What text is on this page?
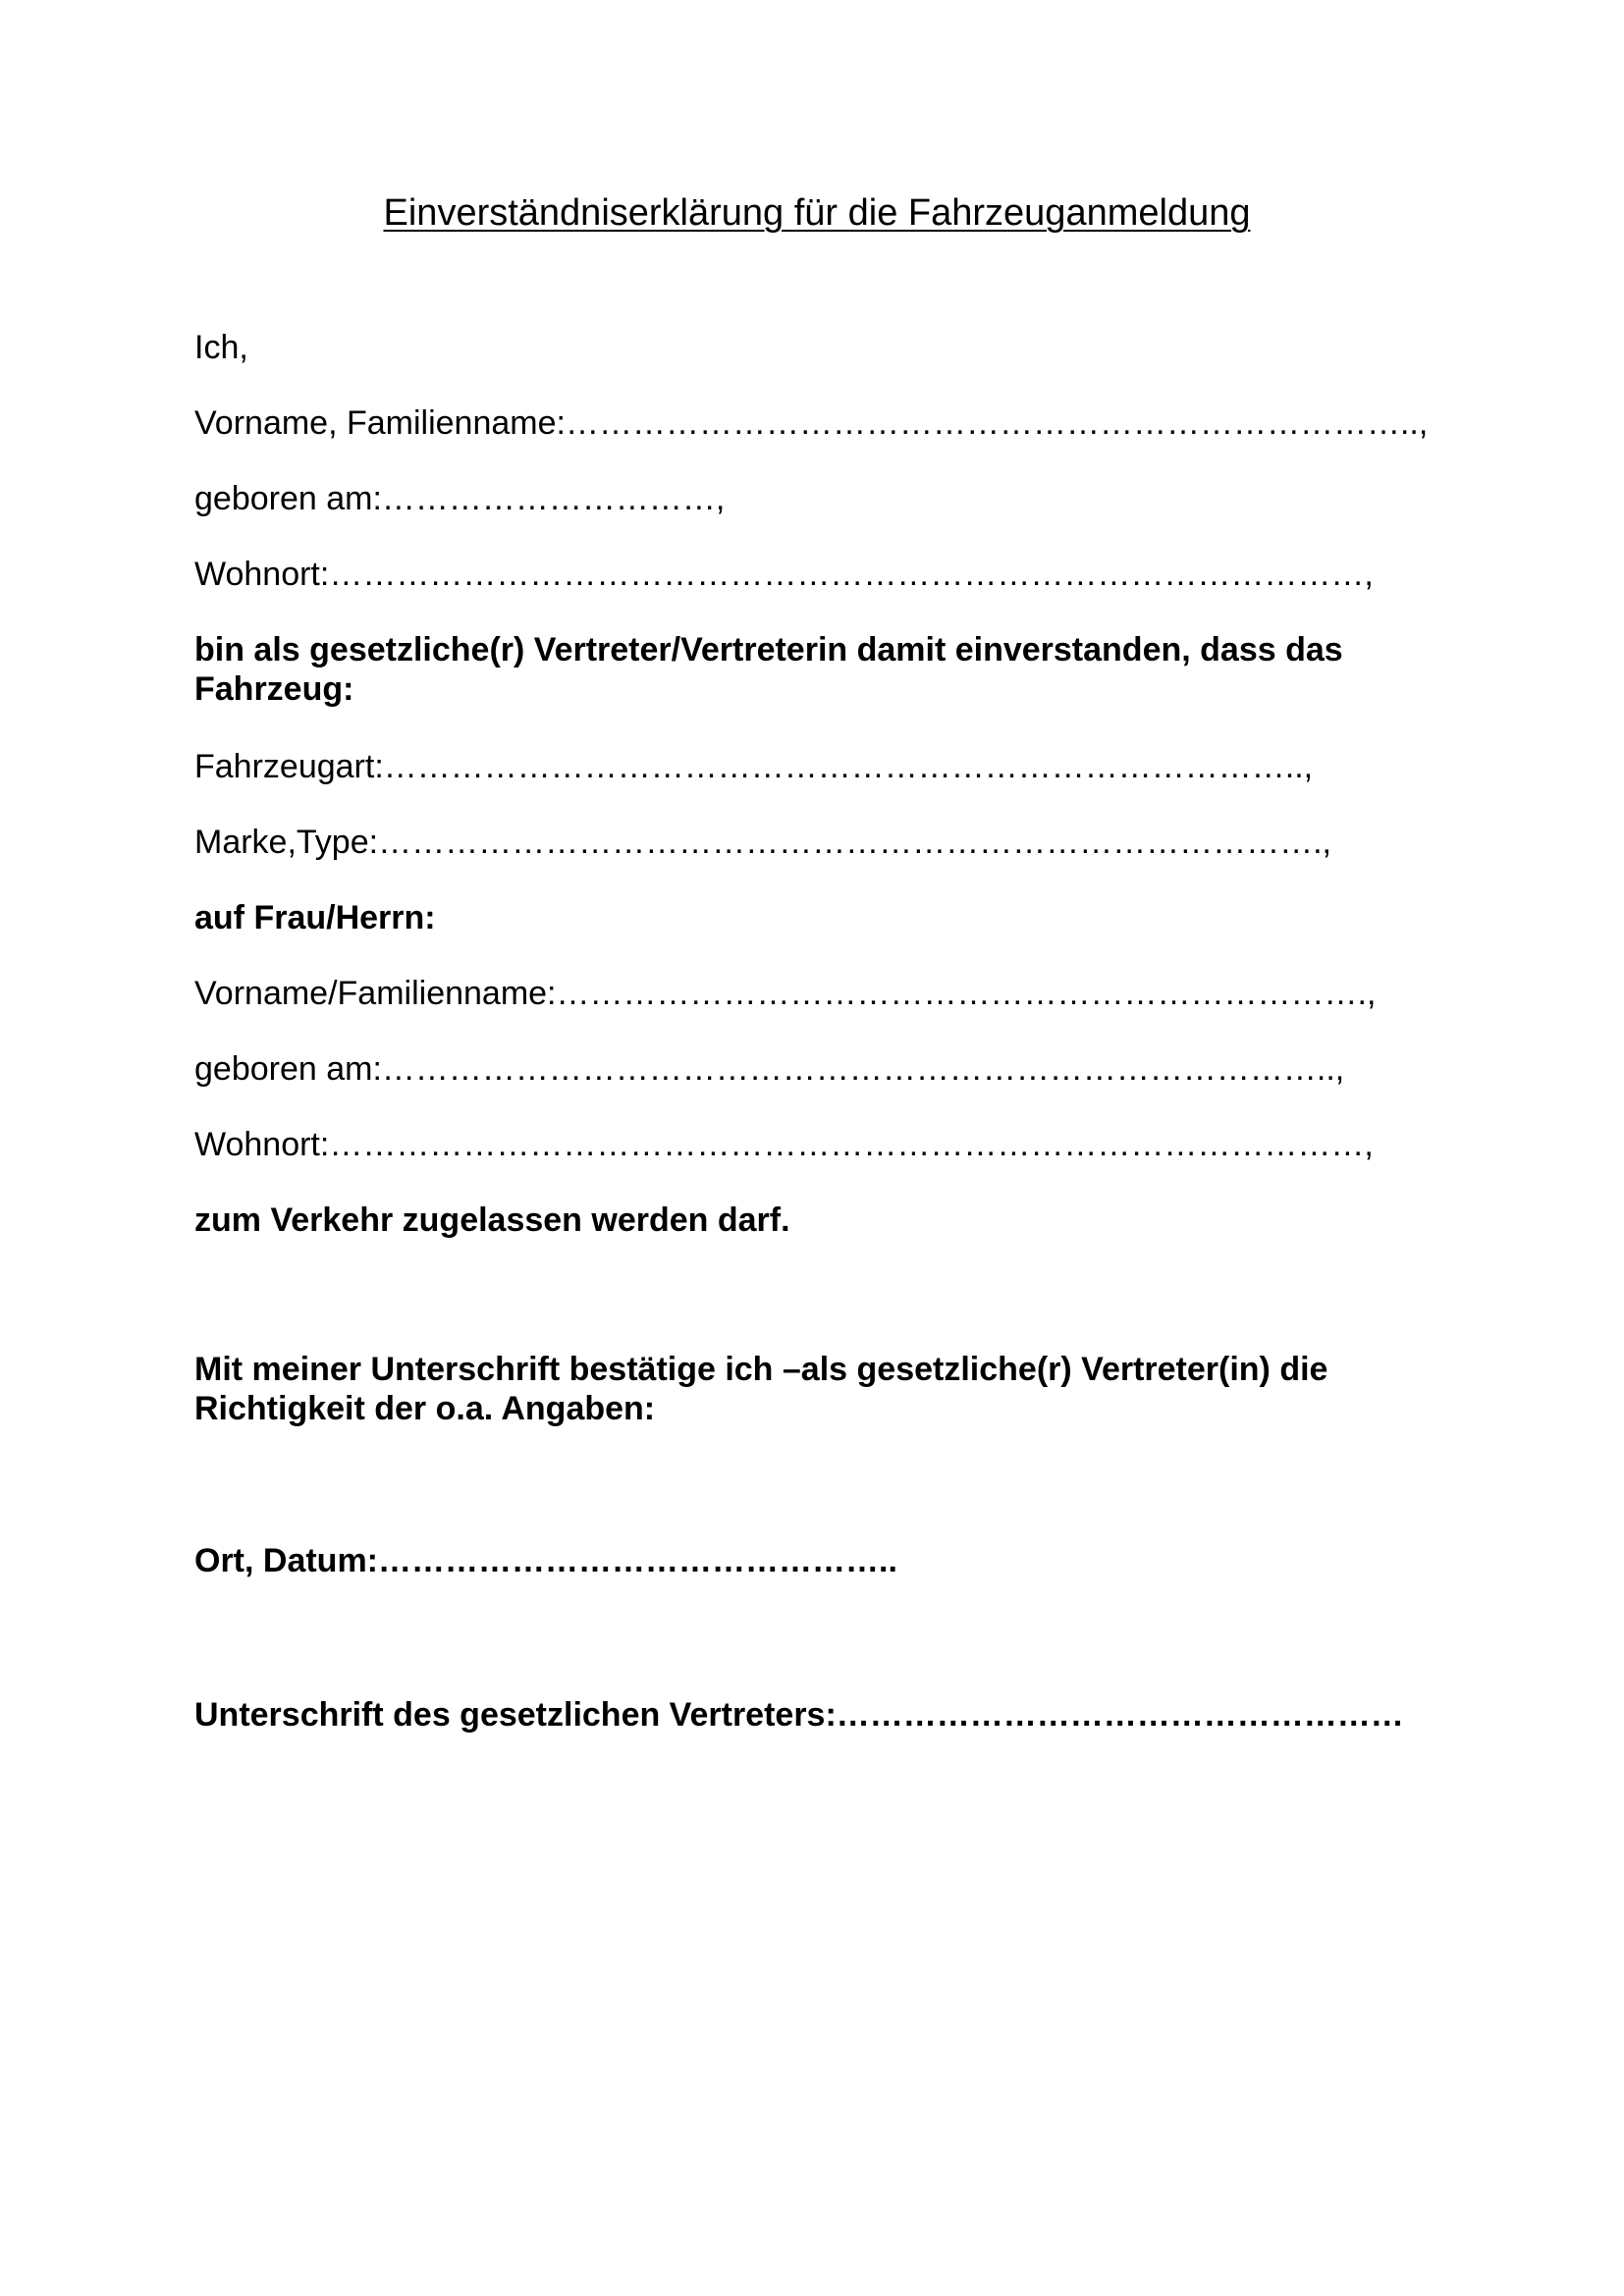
Einverständniserklärung für die Fahrzeuganmeldung
Ich,
Vorname, Familienname:…………………………………………………………………..,
geboren am:…………………………,
Wohnort:…………………………………………………………………………………,
bin als gesetzliche(r) Vertreter/Vertreterin damit einverstanden, dass das Fahrzeug:
Fahrzeugart:………………………………………………………………………..,
Marke,Type:………………………………………………………………………….,
auf Frau/Herrn:
Vorname/Familienname:……………………………………………………………….,
geboren am:…………………………………………………………………………..,
Wohnort:…………………………………………………………………………………,
zum Verkehr zugelassen werden darf.
Mit meiner Unterschrift bestätige ich –als gesetzliche(r) Vertreter(in) die Richtigkeit der o.a. Angaben:
Ort, Datum:………………………………………..
Unterschrift des gesetzlichen Vertreters:……………………………………………
